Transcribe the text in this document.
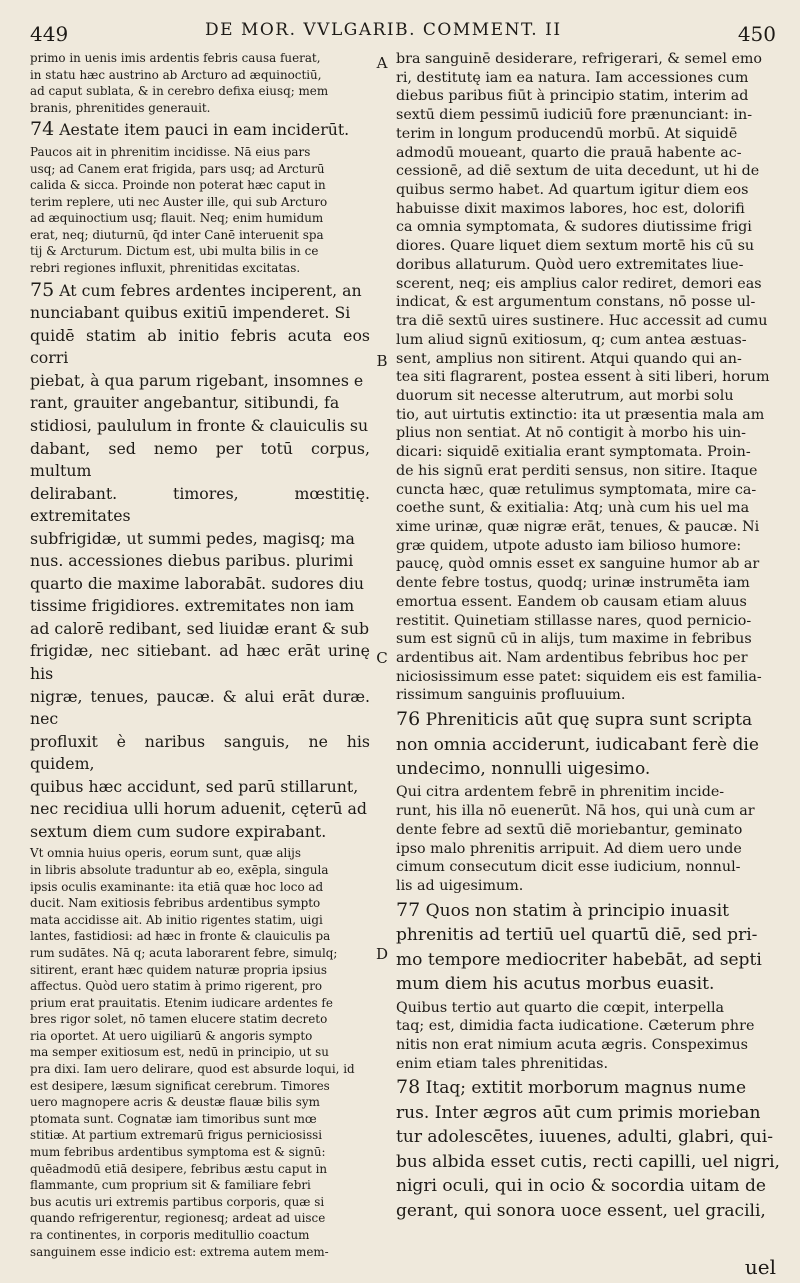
449	DE MOR. VVLGARIB. COMMENT. II	450
A
B
C
D

primo in uenis imis ardentis febris causa fuerat,
in statu hæc austrino ab Arcturo ad æquinoctiū,
ad caput sublata, & in cerebro defixa eiusq; mem
branis, phrenitides generauit.

74 Aestate item pauci in eam inciderūt.

Paucos ait in phrenitim incidisse. Nā eius pars
usq; ad Canem erat frigida, pars usq; ad Arcturū
calida & sicca. Proinde non poterat hæc caput in
terim replere, uti nec Auster ille, qui sub Arcturo
ad æquinoctium usq; flauit. Neq; enim humidum
erat, neq; diuturnū, q̄d inter Canē interuenit spa
tij & Arcturum. Dictum est, ubi multa bilis in ce
rebri regiones influxit, phrenitidas excitatas.

75 At cum febres ardentes inciperent, an
nunciabant quibus exitiū impenderet. Si
quidē statim ab initio febris acuta eos corri
piebat, à qua parum rigebant, insomnes e
rant, grauiter angebantur, sitibundi, fa
stidiosi, paululum in fronte & clauiculis su
dabant, sed nemo per totū corpus, multum
delirabant. timores, mœstitię. extremitates
subfrigidæ, ut summi pedes, magisq; ma
nus. accessiones diebus paribus. plurimi
quarto die maxime laborabāt. sudores diu
tissime frigidiores. extremitates non iam
ad calorē redibant, sed liuidæ erant & sub
frigidæ, nec sitiebant. ad hæc erāt urinę his
nigræ, tenues, paucæ. & alui erāt duræ. nec
profluxit è naribus sanguis, ne his quidem,
quibus hæc accidunt, sed parū stillarunt,
nec recidiua ulli horum aduenit, cęterū ad
sextum diem cum sudore expirabant.

Vt omnia huius operis, eorum sunt, quæ alijs
in libris absolute traduntur ab eo, exēpla, singula
ipsis oculis examinante: ita etiā quæ hoc loco ad
ducit. Nam exitiosis febribus ardentibus sympto
mata accidisse ait. Ab initio rigentes statim, uigi
lantes, fastidiosi: ad hæc in fronte & clauiculis pa
rum sudātes. Nā q; acuta laborarent febre, simulq;
sitirent, erant hæc quidem naturæ propria ipsius
affectus. Quòd uero statim à primo rigerent, pro
prium erat prauitatis. Etenim iudicare ardentes fe
bres rigor solet, nō tamen elucere statim decreto
ria oportet. At uero uigiliarū & angoris sympto
ma semper exitiosum est, nedū in principio, ut su
pra dixi. Iam uero delirare, quod est absurde loqui, id
est desipere, læsum significat cerebrum. Timores
uero magnopere acris & deustæ flauæ bilis sym
ptomata sunt. Cognatæ iam timoribus sunt mœ
stitiæ. At partium extremarū frigus perniciosissi
mum febribus ardentibus symptoma est & signū:
quēadmodū etiā desipere, febribus æstu caput in
flammante, cum proprium sit & familiare febri
bus acutis uri extremis partibus corporis, quæ si
quando refrigerentur, regionesq; ardeat ad uisce
ra continentes, in corporis meditullio coactum
sanguinem esse indicio est: extrema autem mem-

bra sanguinē desiderare, refrigerari, & semel emo
ri, destitutę iam ea natura. Iam accessiones cum
diebus paribus fiūt à principio statim, interim ad
sextū diem pessimū iudiciū fore prænunciant: in-
terim in longum producendū morbū. At siquidē
admodū moueant, quarto die prauā habente ac-
cessionē, ad diē sextum de uita decedunt, ut hi de
quibus sermo habet. Ad quartum igitur diem eos
habuisse dixit maximos labores, hoc est, dolorifi
ca omnia symptomata, & sudores diutissime frigi
diores. Quare liquet diem sextum mortē his cū su
doribus allaturum. Quòd uero extremitates liue-
scerent, neq; eis amplius calor rediret, demori eas
indicat, & est argumentum constans, nō posse ul-
tra diē sextū uires sustinere. Huc accessit ad cumu
lum aliud signū exitiosum, q; cum antea æstuas-
sent, amplius non sitirent. Atqui quando qui an-
tea siti flagrarent, postea essent à siti liberi, horum
duorum sit necesse alterutrum, aut morbi solu
tio, aut uirtutis extinctio: ita ut præsentia mala am
plius non sentiat. At nō contigit à morbo his uin-
dicari: siquidē exitialia erant symptomata. Proin-
de his signū erat perditi sensus, non sitire. Itaque
cuncta hæc, quæ retulimus symptomata, mire ca-
coethe sunt, & exitialia: Atq; unà cum his uel ma
xime urinæ, quæ nigræ erāt, tenues, & paucæ. Ni
græ quidem, utpote adusto iam bilioso humore:
paucę, quòd omnis esset ex sanguine humor ab ar
dente febre tostus, quodq; urinæ instrumēta iam
emortua essent. Eandem ob causam etiam aluus
restitit. Quinetiam stillasse nares, quod pernicio-
sum est signū cū in alijs, tum maxime in febribus
ardentibus ait. Nam ardentibus febribus hoc per
niciosissimum esse patet: siquidem eis est familia-
rissimum sanguinis profluuium.

76 Phreniticis aūt quę supra sunt scripta
non omnia acciderunt, iudicabant ferè die
undecimo, nonnulli uigesimo.

Qui citra ardentem febrē in phrenitim incide-
runt, his illa nō euenerūt. Nā hos, qui unà cum ar
dente febre ad sextū diē moriebantur, geminato
ipso malo phrenitis arripuit. Ad diem uero unde
cimum consecutum dicit esse iudicium, nonnul-
lis ad uigesimum.

77 Quos non statim à principio inuasit
phrenitis ad tertiū uel quartū diē, sed pri-
mo tempore mediocriter habebāt, ad septi
mum diem his acutus morbus euasit.

Quibus tertio aut quarto die cœpit, interpella
taq; est, dimidia facta iudicatione. Cæterum phre
nitis non erat nimium acuta ægris. Conspeximus
enim etiam tales phrenitidas.

78 Itaq; extitit morborum magnus nume
rus. Inter ægros aūt cum primis morieban
tur adolescētes, iuuenes, adulti, glabri, qui-
bus albida esset cutis, recti capilli, uel nigri,
nigri oculi, qui in ocio & socordia uitam de
gerant, qui sonora uoce essent, uel gracili,

uel
